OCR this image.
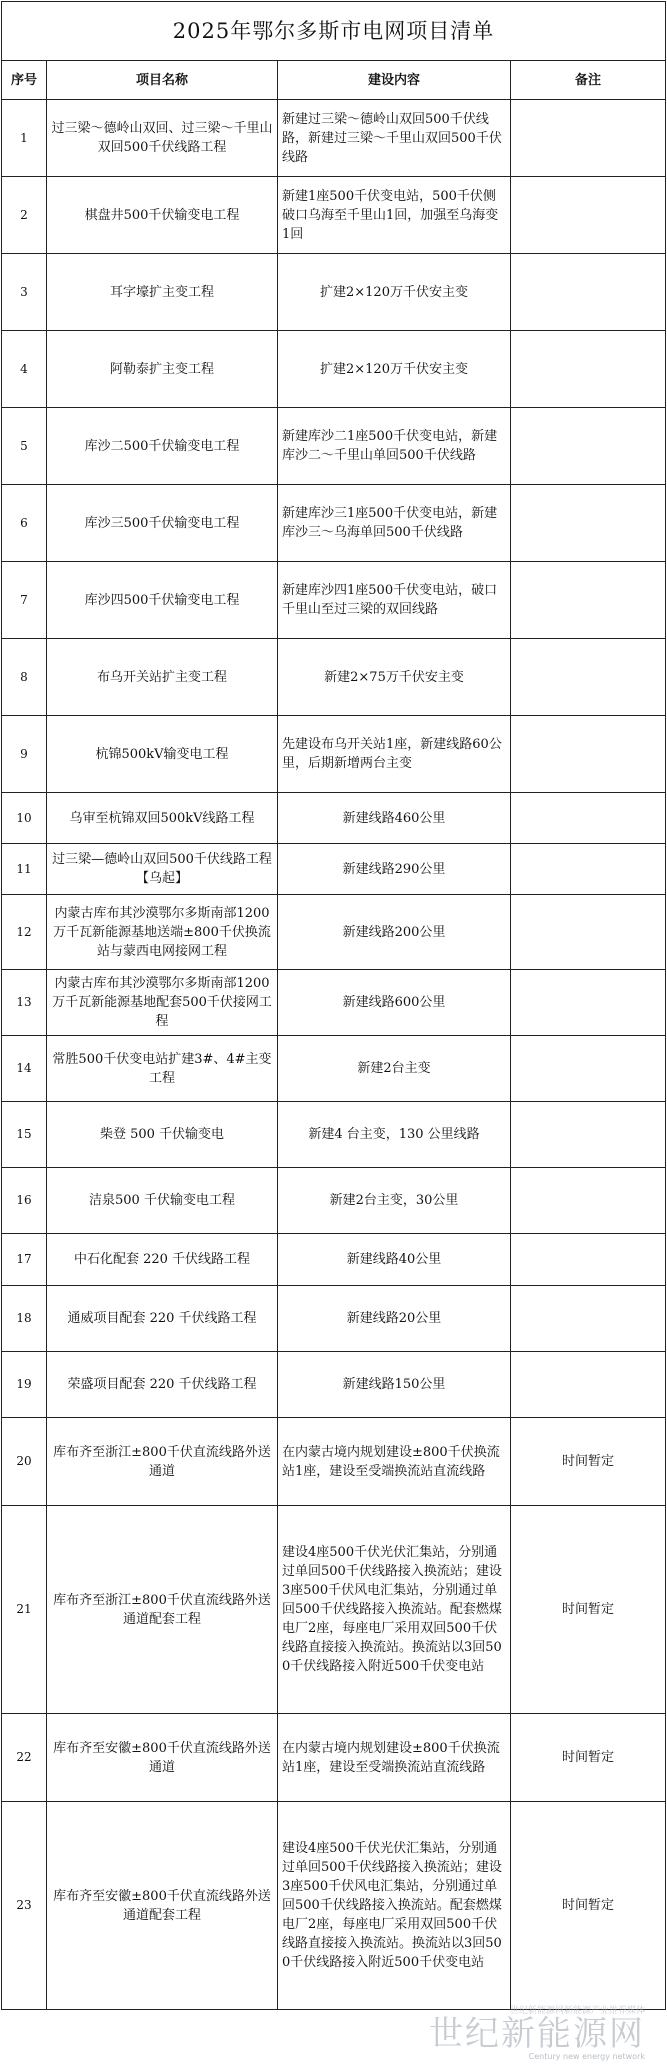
2025年鄂尔多斯市电网项目清单			
序号	项目名称	建设内容	备注
1	过三梁～德岭山双回、过三梁～千里山双回500千伏线路工程	新建过三梁～德岭山双回500千伏线路，新建过三梁～千里山双回500千伏线路	
2	棋盘井500千伏输变电工程	新建1座500千伏变电站，500千伏侧破口乌海至千里山1回，加强至乌海变1回	
3	耳字壕扩主变工程	扩建2×120万千伏安主变	
4	阿勒泰扩主变工程	扩建2×120万千伏安主变	
5	库沙二500千伏输变电工程	新建库沙二1座500千伏变电站，新建库沙二～千里山单回500千伏线路	
6	库沙三500千伏输变电工程	新建库沙三1座500千伏变电站，新建库沙三～乌海单回500千伏线路	
7	库沙四500千伏输变电工程	新建库沙四1座500千伏变电站，破口千里山至过三梁的双回线路	
8	布乌开关站扩主变工程	新建2×75万千伏安主变	
9	杭锦500kV输变电工程	先建设布乌开关站1座，新建线路60公里，后期新增两台主变	
10	乌审至杭锦双回500kV线路工程	新建线路460公里	
11	过三梁—德岭山双回500千伏线路工程【乌起】	新建线路290公里	
12	内蒙古库布其沙漠鄂尔多斯南部1200万千瓦新能源基地送端±800千伏换流站与蒙西电网接网工程	新建线路200公里	
13	内蒙古库布其沙漠鄂尔多斯南部1200万千瓦新能源基地配套500千伏接网工程	新建线路600公里	
14	常胜500千伏变电站扩建3#、4#主变工程	新建2台主变	
15	柴登 500 千伏输变电	新建4 台主变，130 公里线路	
16	洁泉500 千伏输变电工程	新建2台主变，30公里	
17	中石化配套 220 千伏线路工程	新建线路40公里	
18	通威项目配套 220 千伏线路工程	新建线路20公里	
19	荣盛项目配套 220 千伏线路工程	新建线路150公里	
20	库布齐至浙江±800千伏直流线路外送通道	在内蒙古境内规划建设±800千伏换流站1座，建设至受端换流站直流线路	时间暂定
21	库布齐至浙江±800千伏直流线路外送通道配套工程	建设4座500千伏光伏汇集站，分别通过单回500千伏线路接入换流站；建设3座500千伏风电汇集站，分别通过单回500千伏线路接入换流站。配套燃煤电厂2座，每座电厂采用双回500千伏线路直接接入换流站。换流站以3回500千伏线路接入附近500千伏变电站	时间暂定
22	库布齐至安徽±800千伏直流线路外送通道	在内蒙古境内规划建设±800千伏换流站1座，建设至受端换流站直流线路	时间暂定
23	库布齐至安徽±800千伏直流线路外送通道配套工程	建设4座500千伏光伏汇集站，分别通过单回500千伏线路接入换流站；建设3座500千伏风电汇集站，分别通过单回500千伏线路接入换流站。配套燃煤电厂2座，每座电厂采用双回500千伏线路直接接入换流站。换流站以3回500千伏线路接入附近500千伏变电站	时间暂定
世纪新能源网新能源产业推荐媒体
世纪新能源网
Century new energy network
